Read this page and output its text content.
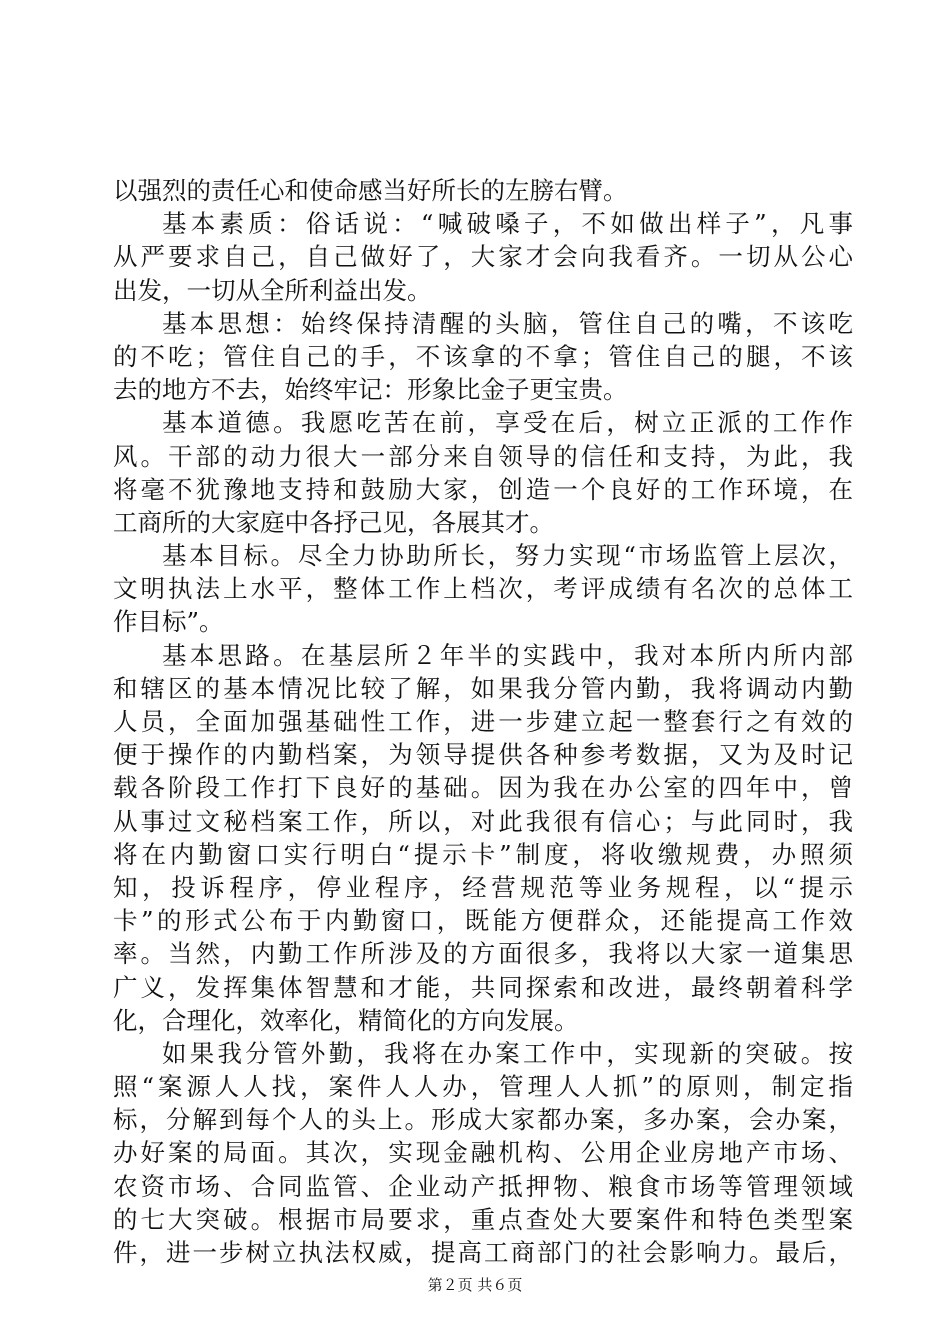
以强烈的责任心和使命感当好所长的左膀右臂。
基本素质：俗话说：“喊破嗓子，不如做出样子”，凡事
从严要求自己，自己做好了，大家才会向我看齐。一切从公心
出发，一切从全所利益出发。
基本思想：始终保持清醒的头脑，管住自己的嘴，不该吃
的不吃；管住自己的手，不该拿的不拿；管住自己的腿，不该
去的地方不去，始终牢记：形象比金子更宝贵。
基本道德。我愿吃苦在前，享受在后，树立正派的工作作
风。干部的动力很大一部分来自领导的信任和支持，为此，我
将毫不犹豫地支持和鼓励大家，创造一个良好的工作环境，在
工商所的大家庭中各抒己见，各展其才。
基本目标。尽全力协助所长，努力实现“市场监管上层次，
文明执法上水平，整体工作上档次，考评成绩有名次的总体工
作目标”。
基本思路。在基层所２年半的实践中，我对本所内所内部
和辖区的基本情况比较了解，如果我分管内勤，我将调动内勤
人员，全面加强基础性工作，进一步建立起一整套行之有效的
便于操作的内勤档案，为领导提供各种参考数据，又为及时记
载各阶段工作打下良好的基础。因为我在办公室的四年中，曾
从事过文秘档案工作，所以，对此我很有信心；与此同时，我
将在内勤窗口实行明白“提示卡”制度，将收缴规费，办照须
知，投诉程序，停业程序，经营规范等业务规程，以“提示
卡”的形式公布于内勤窗口，既能方便群众，还能提高工作效
率。当然，内勤工作所涉及的方面很多，我将以大家一道集思
广义，发挥集体智慧和才能，共同探索和改进，最终朝着科学
化，合理化，效率化，精简化的方向发展。
如果我分管外勤，我将在办案工作中，实现新的突破。按
照“案源人人找，案件人人办，管理人人抓”的原则，制定指
标，分解到每个人的头上。形成大家都办案，多办案，会办案，
办好案的局面。其次，实现金融机构、公用企业房地产市场、
农资市场、合同监管、企业动产抵押物、粮食市场等管理领域
的七大突破。根据市局要求，重点查处大要案件和特色类型案
件，进一步树立执法权威，提高工商部门的社会影响力。最后，
第２页 共６页
